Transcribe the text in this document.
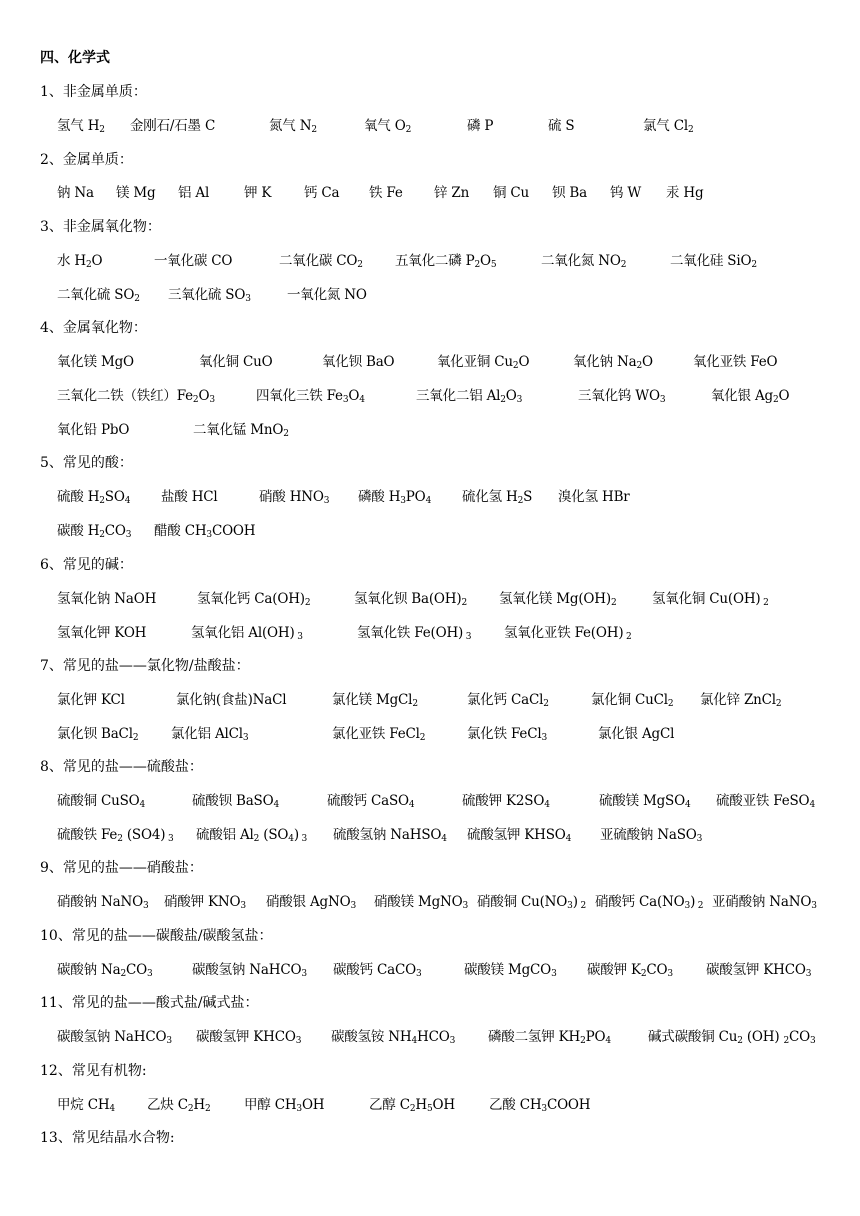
四、化学式
1、非金属单质：
氢气 $H_2$ 金刚石/石墨 C	氮气 $N_2$	氧气 $O_2$	磷 P	硫 S	氯气 $Cl_2$
2、金属单质：
钠 Na 镁 Mg 铝 Al	钾 K 钙 Ca 铁 Fe 锌 Zn 铜 Cu 钡 Ba 钨 W 汞 Hg
3、非金属氧化物：
水 $H_2O$	一氧化碳 CO	二氧化碳 $CO_2$ 五氧化二磷 $P_2O_5$	二氧化氮 $NO_2$	二氧化硅 SiO$_2$
二氧化硫 $SO_2$ 三氧化硫 $SO_3$	一氧化氮 NO
4、金属氧化物：
氧化镁 MgO	氧化铜 CuO	氧化钡 BaO	氧化亚铜 $Cu_2O$	氧化钠 $Na_2O$	氧化亚铁 FeO
三氧化二铁（铁红）$Fe_2O_3$	四氧化三铁 $Fe_3O_4$	三氧化二铝 $Al_2O_3$	三氧化钨 $WO_3$	氧化银 $Ag_2O$
氧化铅 PbO	二氧化锰 MnO$_2$
5、常见的酸：
硫酸 $H_2SO_4$ 盐酸 HCl	硝酸 $HNO_3$ 磷酸 $H_3PO_4$ 硫化氢 $H_2S$ 溴化氢 HBr
碳酸 $H_2CO_3$ 醋酸 $CH_3COOH$
6、常见的碱：
氢氧化钠 NaOH	氢氧化钙 $Ca(OH)_2$	氢氧化钡 $Ba(OH)_2$ 氢氧化镁 $Mg(OH)_2$	氢氧化铜 Cu(OH) $_2$
氢氧化钾 KOH	氢氧化铝 Al(OH) $_3$	氢氧化铁 Fe(OH) $_3$ 氢氧化亚铁 Fe(OH) $_2$
7、常见的盐——氯化物/盐酸盐：
氯化钾 KCl	氯化钠(食盐)NaCl	氯化镁 MgCl$_2$	氯化钙 CaCl$_2$	氯化铜 CuCl$_2$ 氯化锌 ZnCl$_2$
氯化钡 BaCl$_2$ 氯化铝 AlCl$_3$	氯化亚铁 FeCl$_2$	氯化铁 FeCl$_3$	氯化银 AgCl
8、常见的盐——硫酸盐：
硫酸铜 CuSO$_4$	硫酸钡 BaSO$_4$	硫酸钙 CaSO$_4$	硫酸钾 $K2SO_4$	硫酸镁 MgSO$_4$ 硫酸亚铁 FeSO$_4$
硫酸铁 $Fe_2$ (SO4) $_3$ 硫酸铝 $Al_2$ $(SO_4)$ $_3$ 硫酸氢钠 NaHSO$_4$ 硫酸氢钾 $KHSO_4$ 亚硫酸钠 NaSO$_3$
9、常见的盐——硝酸盐：
硝酸钠 NaNO$_3$ 硝酸钾 $KNO_3$ 硝酸银 AgNO$_3$ 硝酸镁 MgNO$_3$ 硝酸铜 $Cu(NO_3)$ $_2$ 硝酸钙 $Ca(NO_3)$ $_2$ 亚硝酸钠 NaNO$_3$
10、常见的盐——碳酸盐/碳酸氢盐：
碳酸钠 $Na_2CO_3$	碳酸氢钠 NaHCO$_3$ 碳酸钙 CaCO$_3$	碳酸镁 MgCO$_3$ 碳酸钾 $K_2CO_3$ 碳酸氢钾 $KHCO_3$
11、常见的盐——酸式盐/碱式盐：
碳酸氢钠 NaHCO$_3$ 碳酸氢钾 $KHCO_3$ 碳酸氢铵 $NH_4HCO_3$ 磷酸二氢钾 $KH_2PO_4$	碱式碳酸铜 $Cu_2$ (OH) $_2CO_3$
12、常见有机物:
甲烷 $CH_4$ 乙炔 $C_2H_2$ 甲醇 $CH_3OH$	乙醇 $C_2H_5OH$	乙酸 $CH_3COOH$
13、常见结晶水合物:
